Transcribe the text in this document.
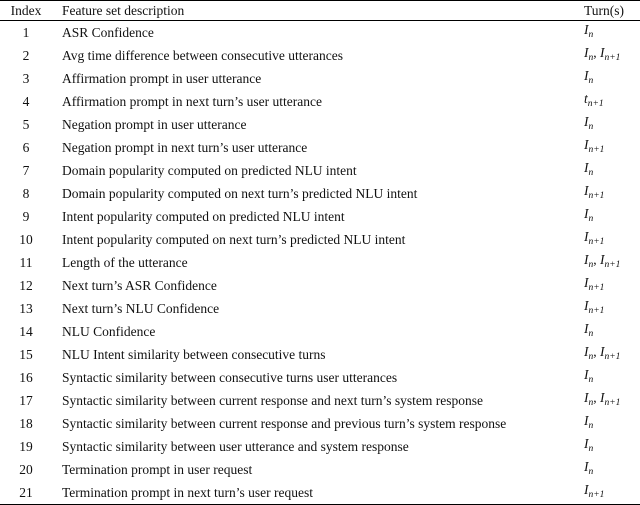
Index	Feature set description	Turn(s)
1	ASR Confidence	$I_n$
2	Avg time difference between consecutive utterances	$I_n$, $I_{n+1}$
3	Affirmation prompt in user utterance	$I_n$
4	Affirmation prompt in next turn’s user utterance	$t_{n+1}$
5	Negation prompt in user utterance	$I_n$
6	Negation prompt in next turn’s user utterance	$I_{n+1}$
7	Domain popularity computed on predicted NLU intent	$I_n$
8	Domain popularity computed on next turn’s predicted NLU intent	$I_{n+1}$
9	Intent popularity computed on predicted NLU intent	$I_n$
10	Intent popularity computed on next turn’s predicted NLU intent	$I_{n+1}$
11	Length of the utterance	$I_n$, $I_{n+1}$
12	Next turn’s ASR Confidence	$I_{n+1}$
13	Next turn’s NLU Confidence	$I_{n+1}$
14	NLU Confidence	$I_n$
15	NLU Intent similarity between consecutive turns	$I_n$, $I_{n+1}$
16	Syntactic similarity between consecutive turns user utterances	$I_n$
17	Syntactic similarity between current response and next turn’s system response	$I_n$, $I_{n+1}$
18	Syntactic similarity between current response and previous turn’s system response	$I_n$
19	Syntactic similarity between user utterance and system response	$I_n$
20	Termination prompt in user request	$I_n$
21	Termination prompt in next turn’s user request	$I_{n+1}$
